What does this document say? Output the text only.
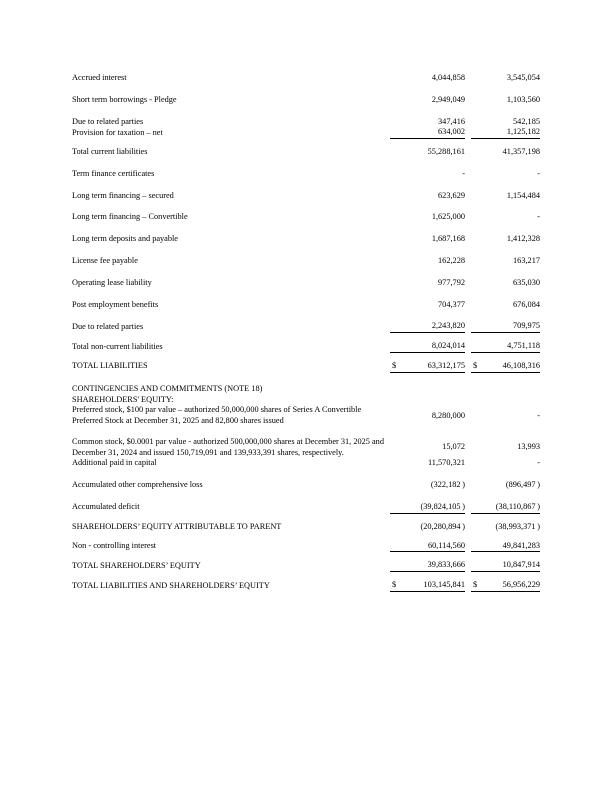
Accrued interest	4,044,858		3,545,054
Short term borrowings - Pledge	2,949,049		1,103,560
Due to related parties	347,416		542,185
Provision for taxation – net	634,002		1,125,182
Total current liabilities	55,288,161		41,357,198
Term finance certificates	-		-
Long term financing – secured	623,629		1,154,484
Long term financing – Convertible	1,625,000		-
Long term deposits and payable	1,687,168		1,412,328
License fee payable	162,228		163,217
Operating lease liability	977,792		635,030
Post employment benefits	704,377		676,084
Due to related parties	2,243,820		709,975
Total non-current liabilities	8,024,014		4,751,118
TOTAL LIABILITIES	$ 63,312,175		$ 46,108,316

CONTINGENCIES AND COMMITMENTS (NOTE 18)			
SHAREHOLDERS' EQUITY:			
Preferred stock, $100 par value – authorized 50,000,000 shares of Series A Convertible Preferred Stock at December 31, 2025 and 82,800 shares issued	8,280,000		-
Common stock, $0.0001 par value - authorized 500,000,000 shares at December 31, 2025 and December 31, 2024 and issued 150,719,091 and 139,933,391 shares, respectively.	15,072		13,993
Additional paid in capital	11,570,321		-
Accumulated other comprehensive loss	(322,182 )		(896,497 )
Accumulated deficit	(39,824,105 )		(38,110,867 )
SHAREHOLDERS’ EQUITY ATTRIBUTABLE TO PARENT	(20,280,894 )		(38,993,371 )
Non - controlling interest	60,114,560		49,841,283
TOTAL SHAREHOLDERS’ EQUITY	39,833,666		10,847,914
TOTAL LIABILITIES AND SHAREHOLDERS’ EQUITY	$ 103,145,841		$ 56,956,229
